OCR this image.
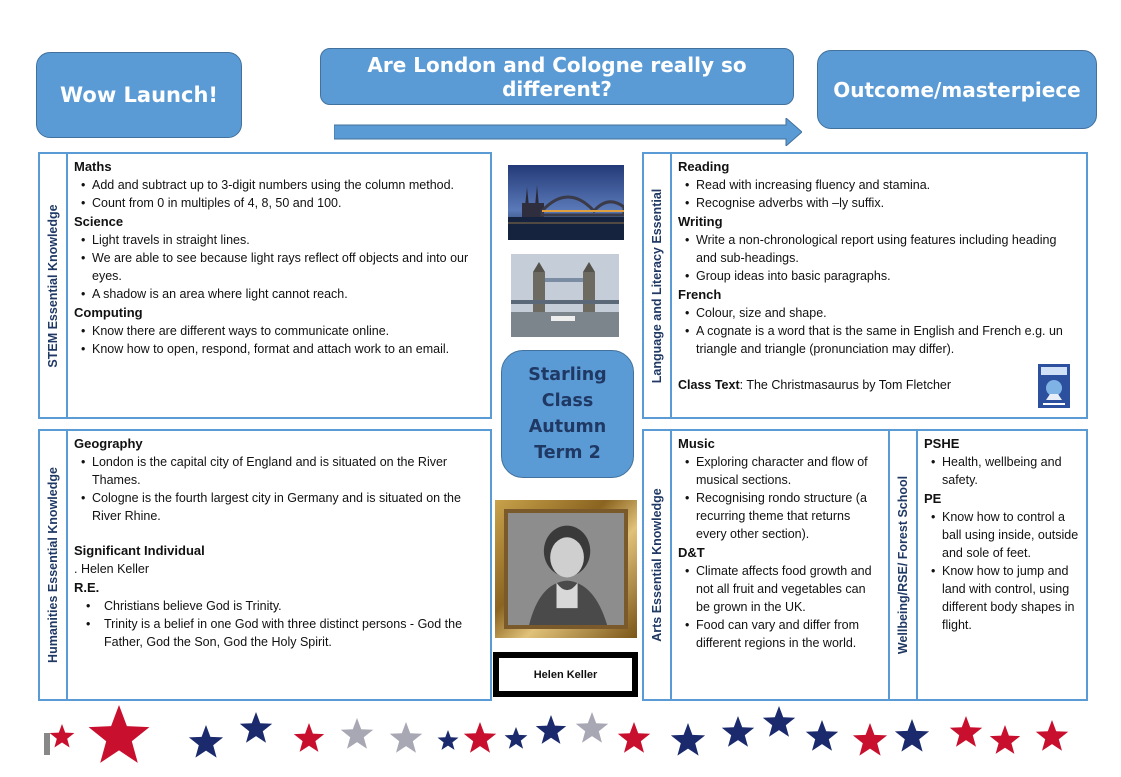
Wow Launch!
Are London and Cologne really so different?	Outcome/masterpiece
STEM Essential Knowledge
Maths
• Add and subtract up to 3-digit numbers using the column method.
• Count from 0 in multiples of 4, 8, 50 and 100.
Science
• Light travels in straight lines.
• We are able to see because light rays reflect off objects and into our eyes.
• A shadow is an area where light cannot reach.
Computing
• Know there are different ways to communicate online.
• Know how to open, respond, format and attach work to an email.	Language and Literacy Essential
Reading
• Read with increasing fluency and stamina.
• Recognise adverbs with –ly suffix.
Writing
• Write a non-chronological report using features including heading and sub-headings.
• Group ideas into basic paragraphs.
French
• Colour, size and shape.
• A cognate is a word that is the same in English and French e.g. un triangle and triangle (pronunciation may differ).
Class Text: The Christmasaurus by Tom Fletcher
Humanities Essential Knowledge
Geography
• London is the capital city of England and is situated on the River Thames.
• Cologne is the fourth largest city in Germany and is situated on the River Rhine.
Significant Individual
. Helen Keller
R.E.
• Christians believe God is Trinity.
• Trinity is a belief in one God with three distinct persons - God the Father, God the Son, God the Holy Spirit.
Arts Essential Knowledge
Music
• Exploring character and flow of musical sections.
• Recognising rondo structure (a recurring theme that returns every other section).
D&T
• Climate affects food growth and not all fruit and vegetables can be grown in the UK.
• Food can vary and differ from different regions in the world.	Wellbeing/RSE/ Forest School
PSHE
• Health, wellbeing and safety.
PE
• Know how to control a ball using inside, outside and sole of feet.
• Know how to jump and land with control, using different body shapes in flight.
Starling
Class
Autumn
Term 2
Helen Keller
